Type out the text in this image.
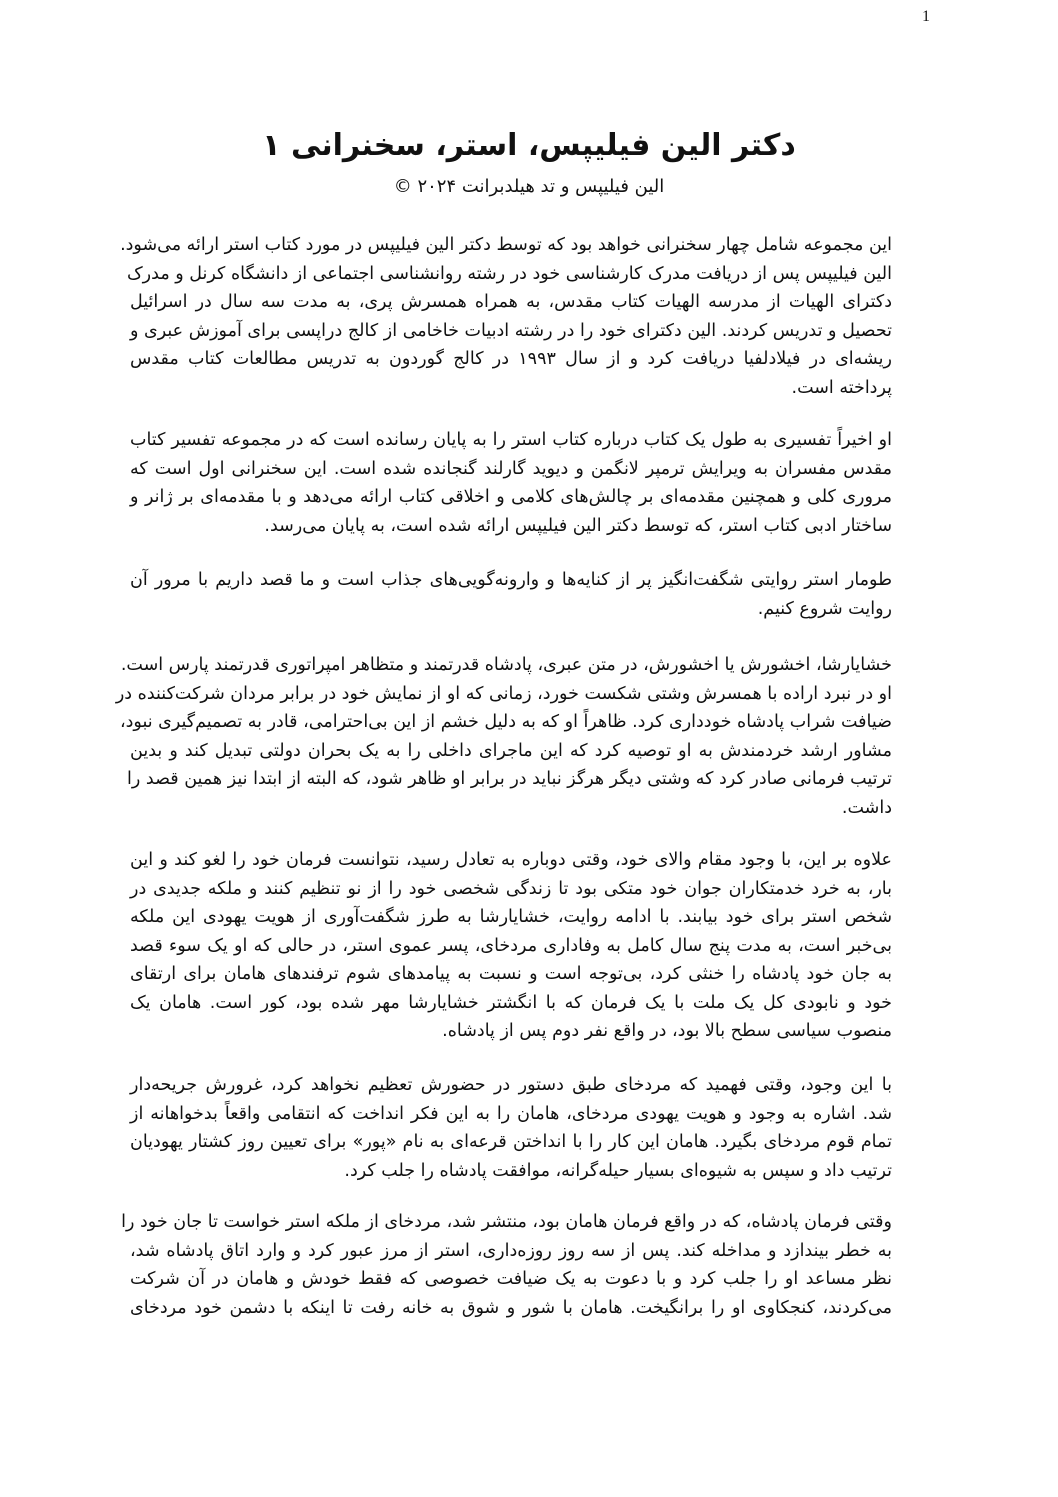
1
دکتر الین فیلیپس، استر، سخنرانی ۱
الین فیلیپس و تد هیلدبرانت ۲۰۲۴ ©
این مجموعه شامل چهار سخنرانی خواهد بود که توسط دکتر الین فیلیپس در مورد کتاب استر ارائه می‌شود.
الین فیلیپس پس از دریافت مدرک کارشناسی خود در رشته روانشناسی اجتماعی از دانشگاه کرنل و مدرک
دکترای الهیات از مدرسه الهیات کتاب مقدس، به همراه همسرش پری، به مدت سه سال در اسرائیل
تحصیل و تدریس کردند. الین دکترای خود را در رشته ادبیات خاخامی از کالج دراپسی برای آموزش عبری و
ریشه‌ای در فیلادلفیا دریافت کرد و از سال ۱۹۹۳ در کالج گوردون به تدریس مطالعات کتاب مقدس
پرداخته است.
او اخیراً تفسیری به طول یک کتاب درباره کتاب استر را به پایان رسانده است که در مجموعه تفسیر کتاب
مقدس مفسران به ویرایش ترمپر لانگمن و دیوید گارلند گنجانده شده است. این سخنرانی اول است که
مروری کلی و همچنین مقدمه‌ای بر چالش‌های کلامی و اخلاقی کتاب ارائه می‌دهد و با مقدمه‌ای بر ژانر و
ساختار ادبی کتاب استر، که توسط دکتر الین فیلیپس ارائه شده است، به پایان می‌رسد.
طومار استر روایتی شگفت‌انگیز پر از کنایه‌ها و وارونه‌گویی‌های جذاب است و ما قصد داریم با مرور آن
روایت شروع کنیم.
خشایارشا، اخشورش یا اخشورش، در متن عبری، پادشاه قدرتمند و متظاهر امپراتوری قدرتمند پارس است.
او در نبرد اراده با همسرش وشتی شکست خورد، زمانی که او از نمایش خود در برابر مردان شرکت‌کننده در
ضیافت شراب پادشاه خودداری کرد. ظاهراً او که به دلیل خشم از این بی‌احترامی، قادر به تصمیم‌گیری نبود،
مشاور ارشد خردمندش به او توصیه کرد که این ماجرای داخلی را به یک بحران دولتی تبدیل کند و بدین
ترتیب فرمانی صادر کرد که وشتی دیگر هرگز نباید در برابر او ظاهر شود، که البته از ابتدا نیز همین قصد را
داشت.
علاوه بر این، با وجود مقام والای خود، وقتی دوباره به تعادل رسید، نتوانست فرمان خود را لغو کند و این
بار، به خرد خدمتکاران جوان خود متکی بود تا زندگی شخصی خود را از نو تنظیم کنند و ملکه جدیدی در
شخص استر برای خود بیابند. با ادامه روایت، خشایارشا به طرز شگفت‌آوری از هویت یهودی این ملکه
بی‌خبر است، به مدت پنج سال کامل به وفاداری مردخای، پسر عموی استر، در حالی که او یک سوء قصد
به جان خود پادشاه را خنثی کرد، بی‌توجه است و نسبت به پیامدهای شوم ترفندهای هامان برای ارتقای
خود و نابودی کل یک ملت با یک فرمان که با انگشتر خشایارشا مهر شده بود، کور است. هامان یک
منصوب سیاسی سطح بالا بود، در واقع نفر دوم پس از پادشاه.
با این وجود، وقتی فهمید که مردخای طبق دستور در حضورش تعظیم نخواهد کرد، غرورش جریحه‌دار
شد. اشاره به وجود و هویت یهودی مردخای، هامان را به این فکر انداخت که انتقامی واقعاً بدخواهانه از
تمام قوم مردخای بگیرد. هامان این کار را با انداختن قرعه‌ای به نام «پور» برای تعیین روز کشتار یهودیان
ترتیب داد و سپس به شیوه‌ای بسیار حیله‌گرانه، موافقت پادشاه را جلب کرد.
وقتی فرمان پادشاه، که در واقع فرمان هامان بود، منتشر شد، مردخای از ملکه استر خواست تا جان خود را
به خطر بیندازد و مداخله کند. پس از سه روز روزه‌داری، استر از مرز عبور کرد و وارد اتاق پادشاه شد،
نظر مساعد او را جلب کرد و با دعوت به یک ضیافت خصوصی که فقط خودش و هامان در آن شرکت
می‌کردند، کنجکاوی او را برانگیخت. هامان با شور و شوق به خانه رفت تا اینکه با دشمن خود مردخای
